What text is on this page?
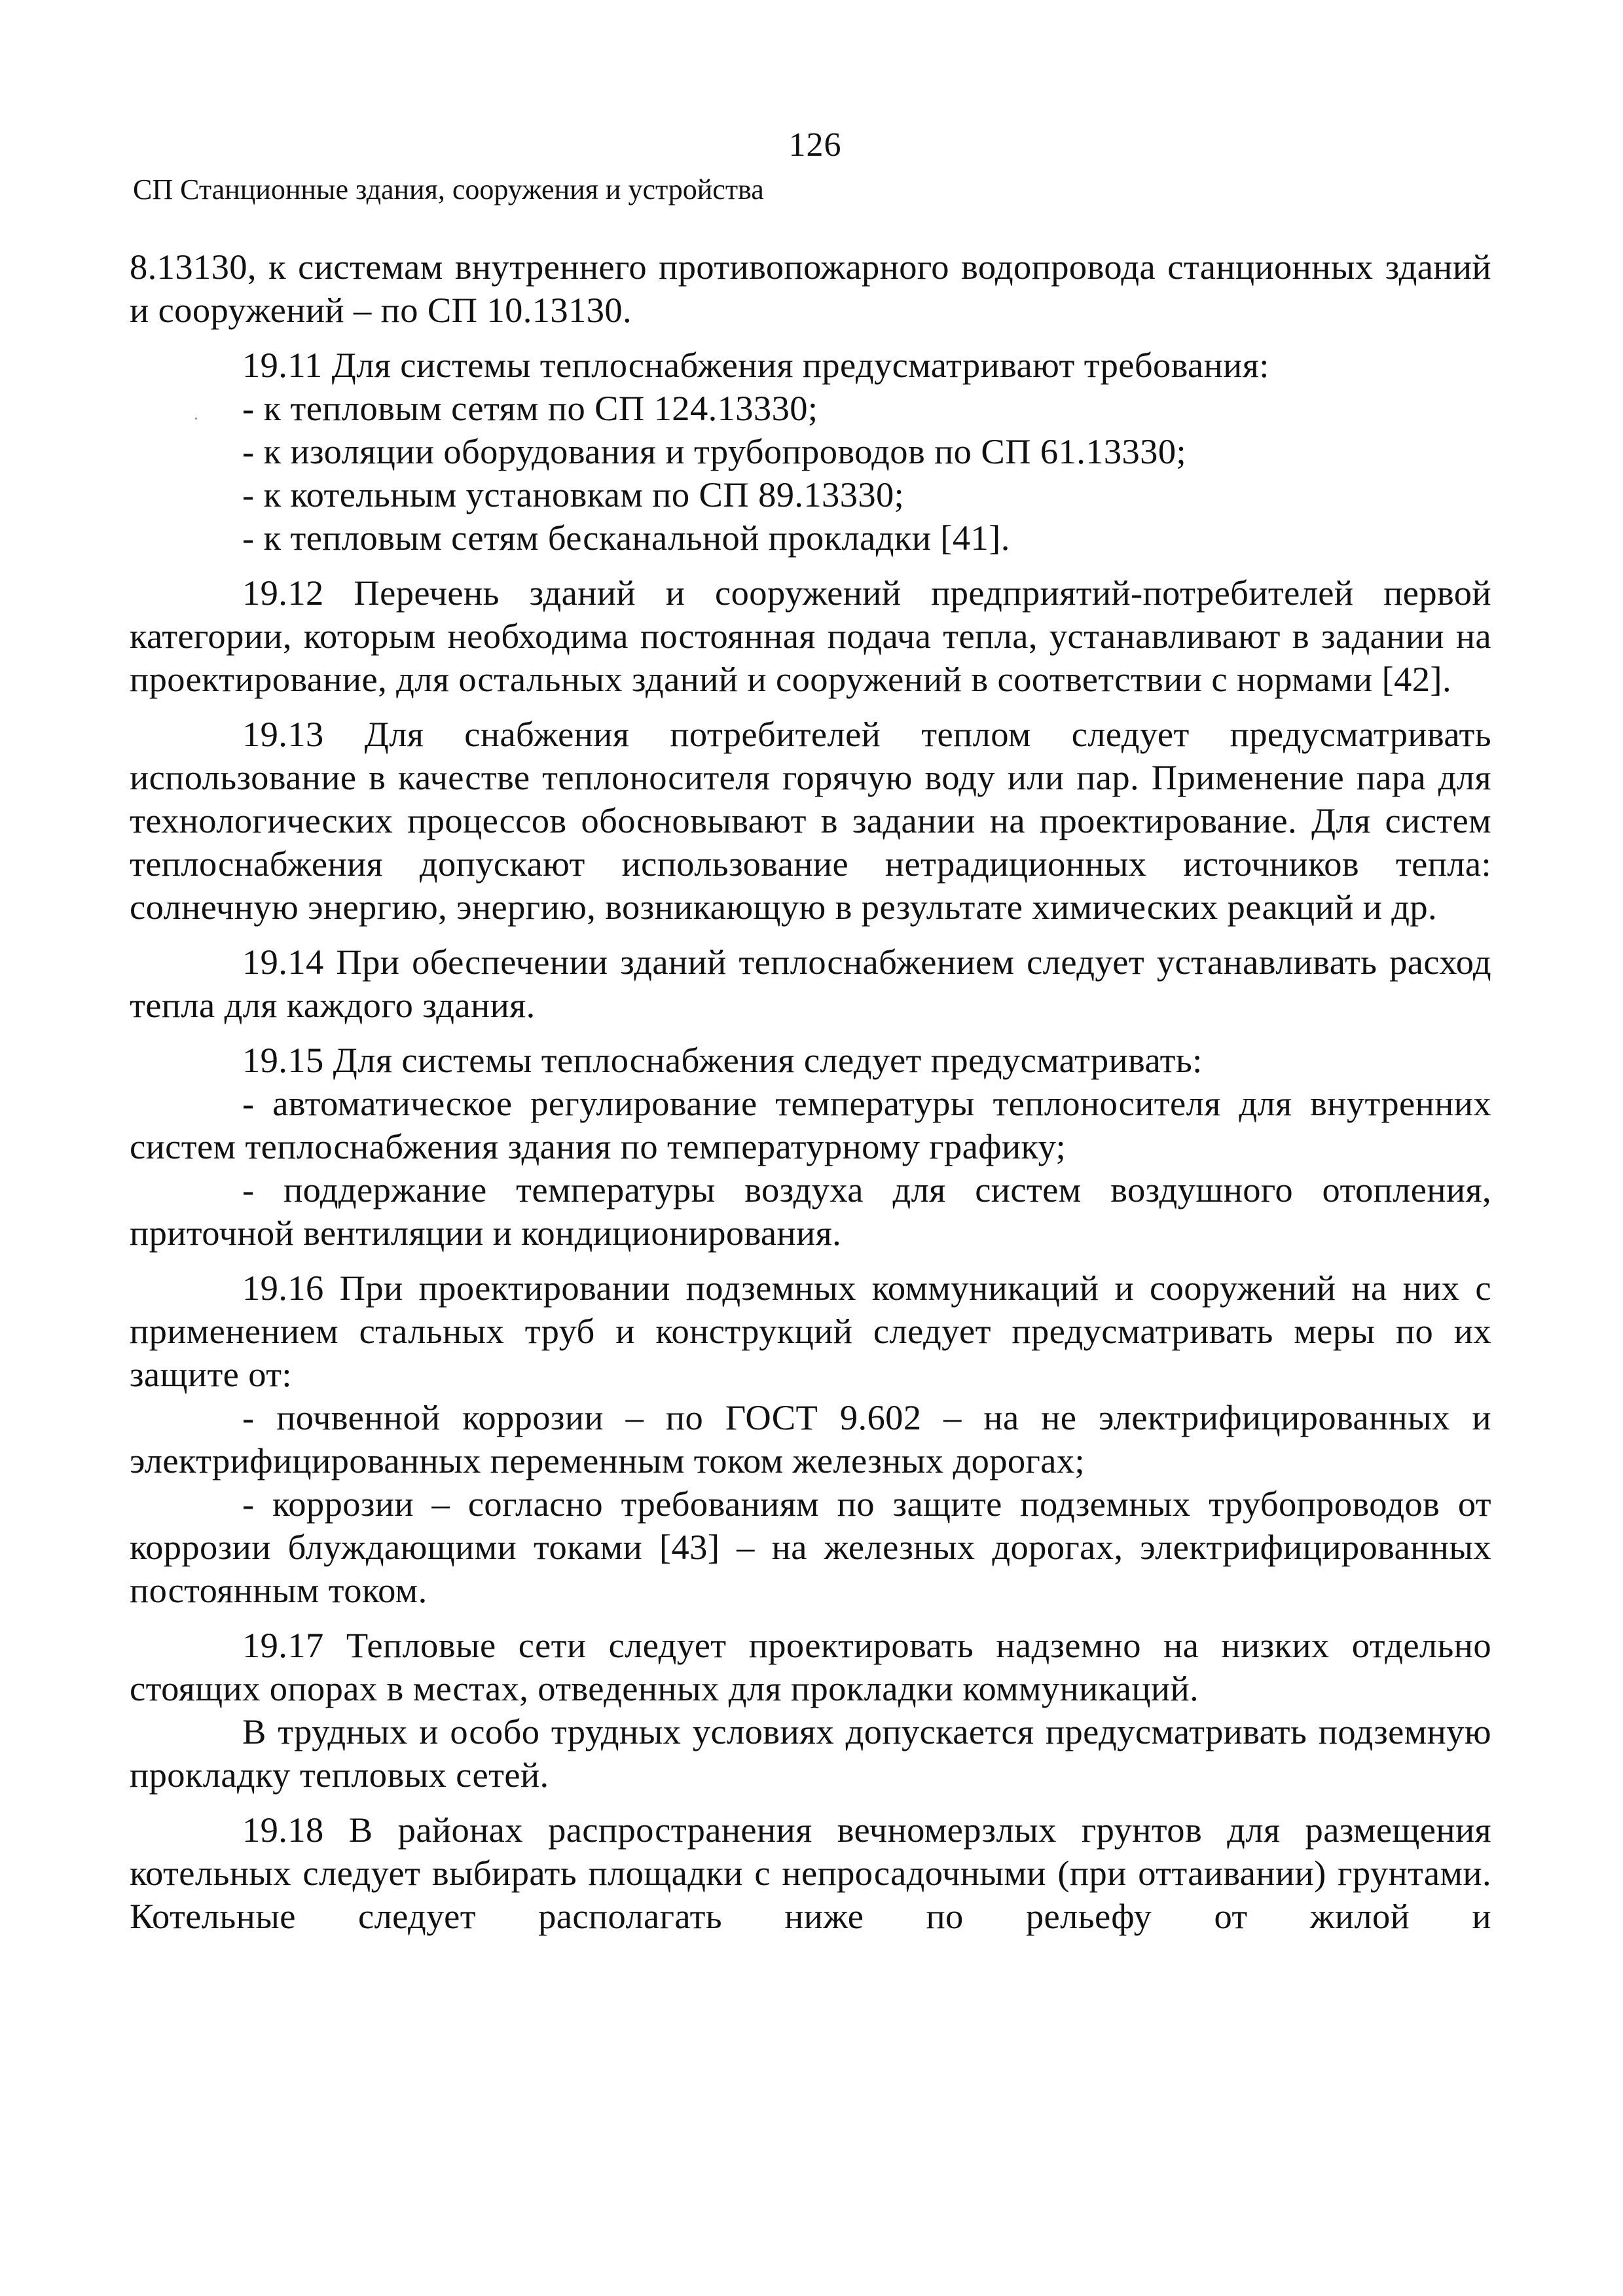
126
СП Станционные здания, сооружения и устройства

8.13130, к системам внутреннего противопожарного водопровода станционных зданий и сооружений – по СП 10.13130.

19.11 Для системы теплоснабжения предусматривают требования:
- к тепловым сетям по СП 124.13330;
- к изоляции оборудования и трубопроводов по СП 61.13330;
- к котельным установкам по СП 89.13330;
- к тепловым сетям бесканальной прокладки [41].

19.12 Перечень зданий и сооружений предприятий-потребителей первой категории, которым необходима постоянная подача тепла, устанавливают в задании на проектирование, для остальных зданий и сооружений в соответствии с нормами [42].

19.13 Для снабжения потребителей теплом следует предусматривать использование в качестве теплоносителя горячую воду или пар. Применение пара для технологических процессов обосновывают в задании на проектирование. Для систем теплоснабжения допускают использование нетрадиционных источников тепла: солнечную энергию, энергию, возникающую в результате химических реакций и др.

19.14 При обеспечении зданий теплоснабжением следует устанавливать расход тепла для каждого здания.

19.15 Для системы теплоснабжения следует предусматривать:

- автоматическое регулирование температуры теплоносителя для внутренних систем теплоснабжения здания по температурному графику;

- поддержание температуры воздуха для систем воздушного отопления, приточной вентиляции и кондиционирования.

19.16 При проектировании подземных коммуникаций и сооружений на них с применением стальных труб и конструкций следует предусматривать меры по их защите от:

- почвенной коррозии – по ГОСТ 9.602 – на не электрифицированных и электрифицированных переменным током железных дорогах;

- коррозии – согласно требованиям по защите подземных трубопроводов от коррозии блуждающими токами [43] – на железных дорогах, электрифицированных постоянным током.

19.17 Тепловые сети следует проектировать надземно на низких отдельно стоящих опорах в местах, отведенных для прокладки коммуникаций.

В трудных и особо трудных условиях допускается предусматривать подземную прокладку тепловых сетей.

19.18 В районах распространения вечномерзлых грунтов для размещения котельных следует выбирать площадки с непросадочными (при оттаивании) грунтами. Котельные следует располагать ниже по рельефу от жилой и
